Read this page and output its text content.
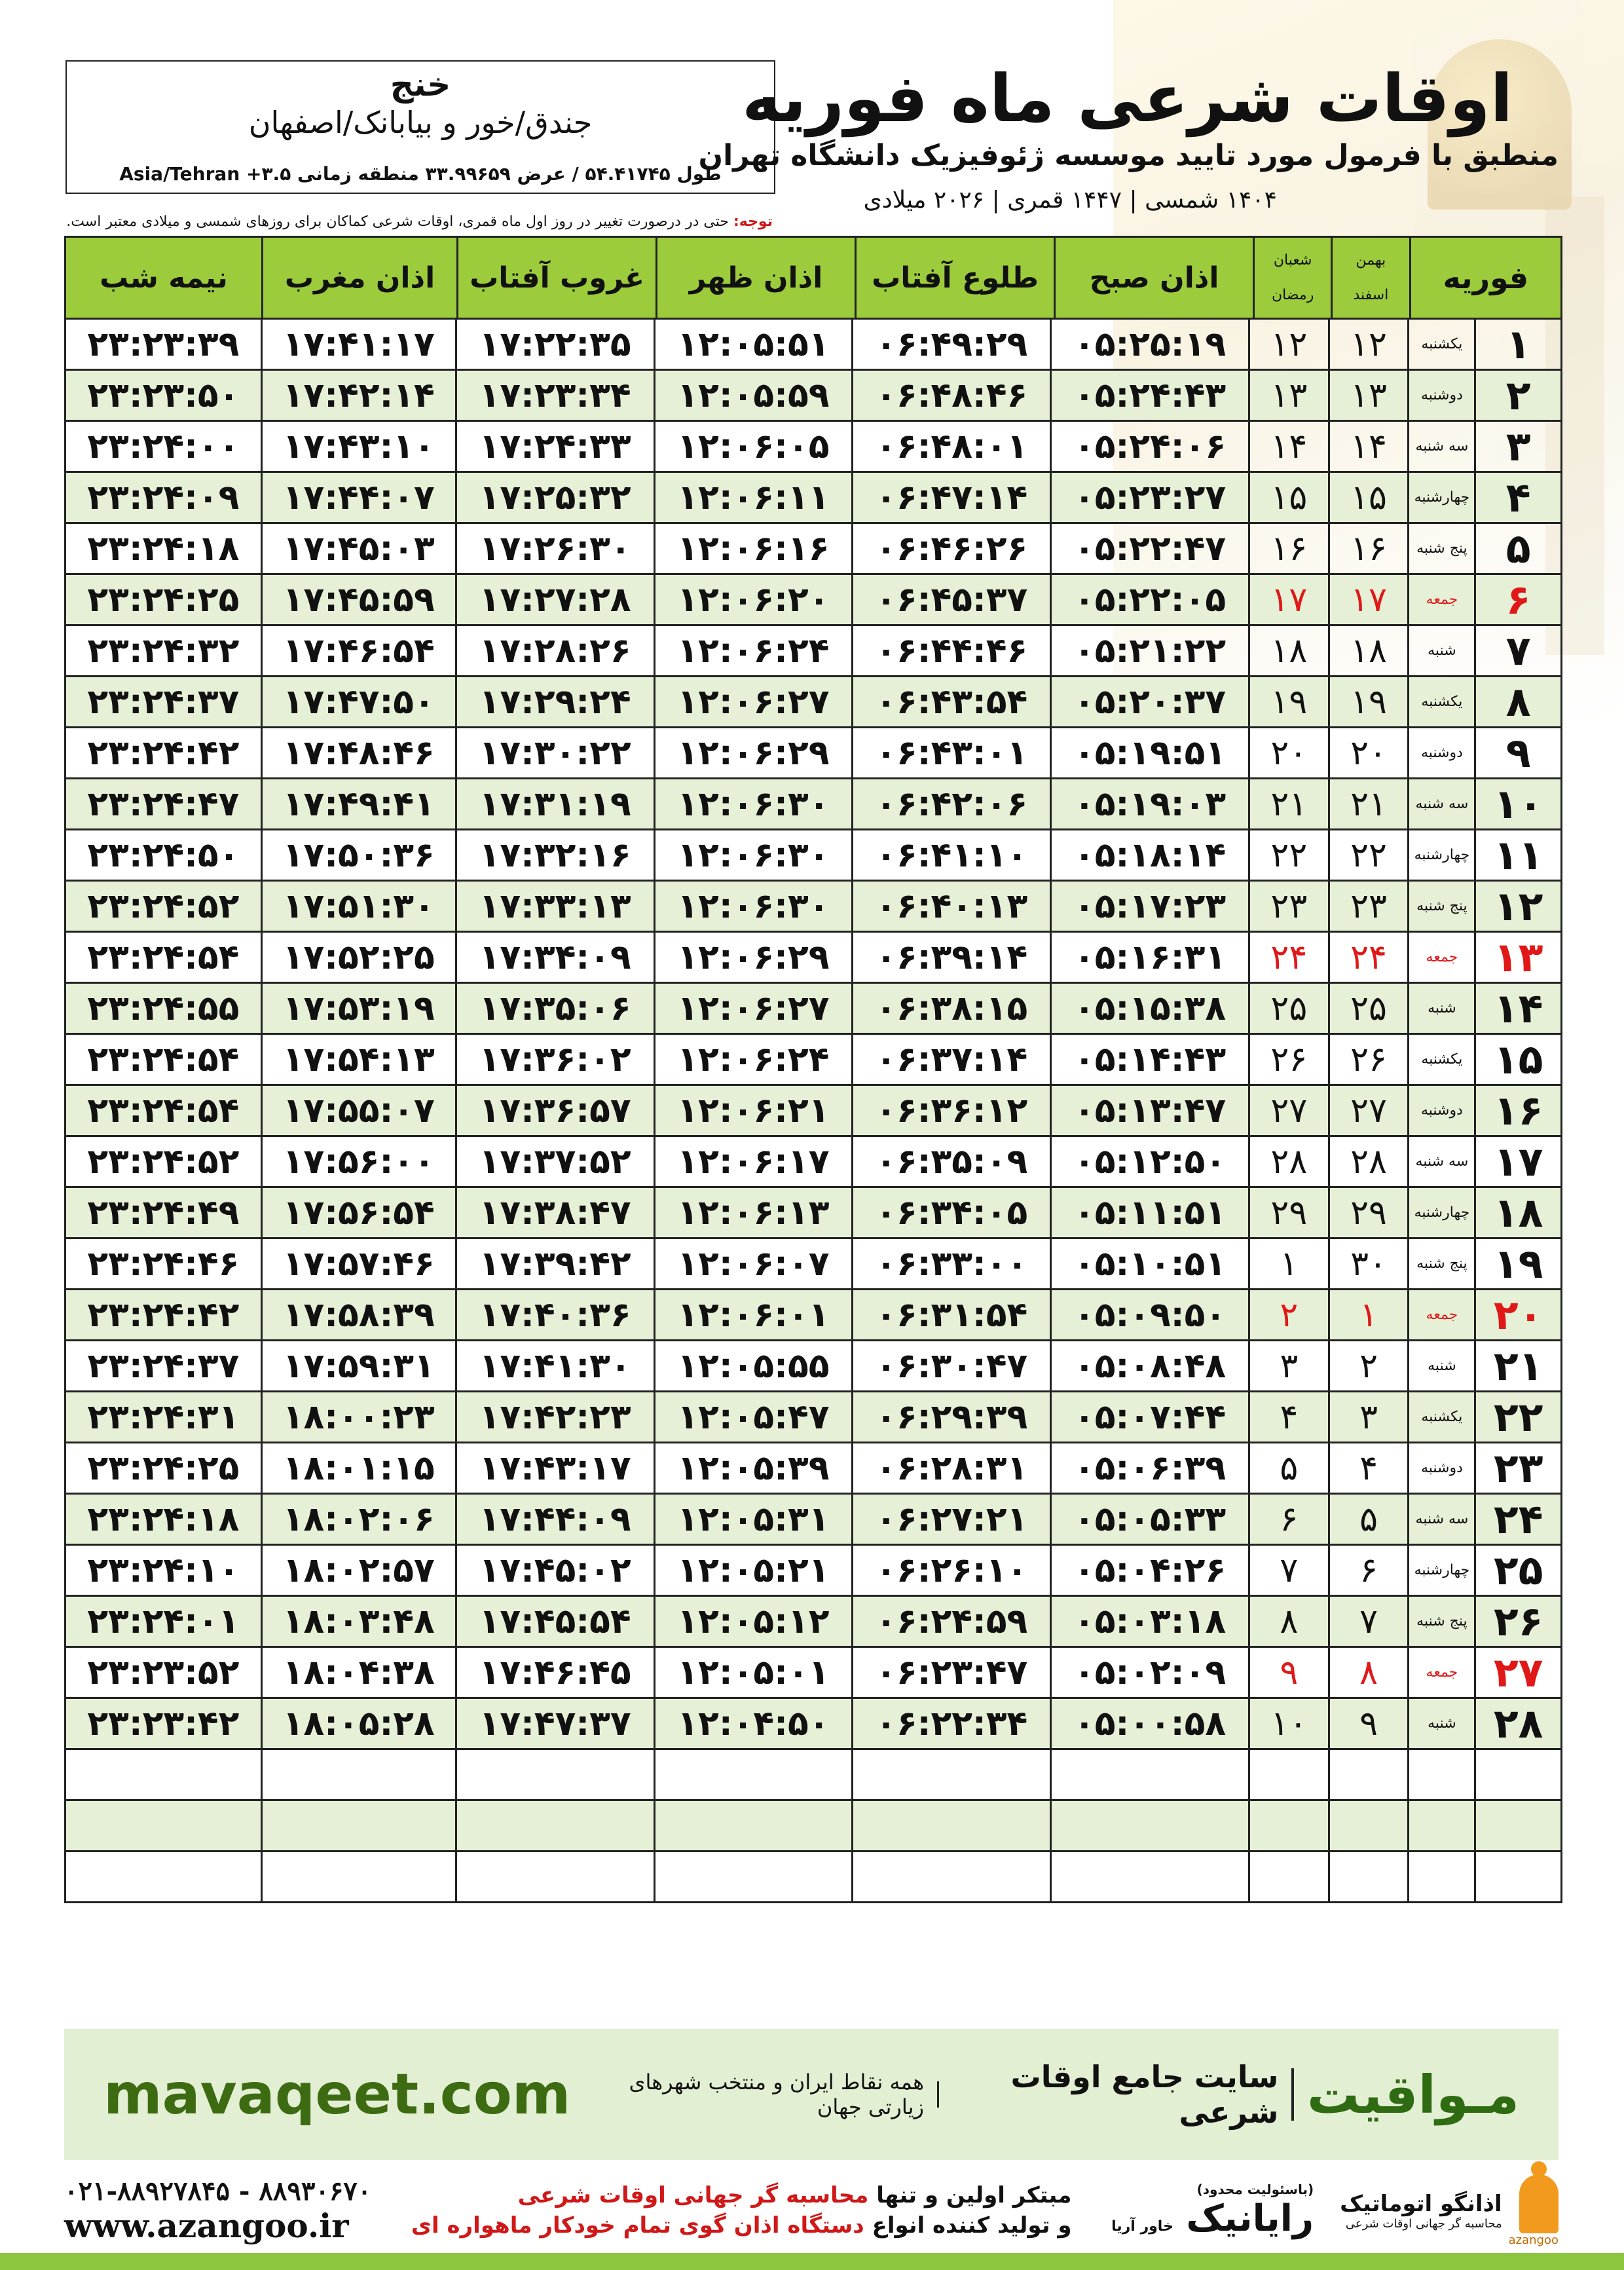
خنج
جندق/خور و بیابانک/اصفهان
طول ۵۴.۴۱۷۴۵ / عرض ۳۳.۹۹۶۵۹ منطقه زمانی ۳.۵+ Asia/Tehran
اوقات شرعی ماه فوریه
منطبق با فرمول مورد تایید موسسه ژئوفیزیک دانشگاه تهران
۱۴۰۴ شمسی | ۱۴۴۷ قمری | ۲۰۲۶ میلادی
توجه: حتی در درصورت تغییر در روز اول ماه قمری، اوقات شرعی کماکان برای روزهای شمسی و میلادی معتبر است.
فوریه
بهمن
اسفند
شعبان
رمضان
اذان صبح
طلوع آفتاب
اذان ظهر
غروب آفتاب
اذان مغرب
نیمه شب
۱
یکشنبه
۱۲
۱۲
۰۵:۲۵:۱۹
۰۶:۴۹:۲۹
۱۲:۰۵:۵۱
۱۷:۲۲:۳۵
۱۷:۴۱:۱۷
۲۳:۲۳:۳۹
۲
دوشنبه
۱۳
۱۳
۰۵:۲۴:۴۳
۰۶:۴۸:۴۶
۱۲:۰۵:۵۹
۱۷:۲۳:۳۴
۱۷:۴۲:۱۴
۲۳:۲۳:۵۰
۳
سه شنبه
۱۴
۱۴
۰۵:۲۴:۰۶
۰۶:۴۸:۰۱
۱۲:۰۶:۰۵
۱۷:۲۴:۳۳
۱۷:۴۳:۱۰
۲۳:۲۴:۰۰
۴
چهارشنبه
۱۵
۱۵
۰۵:۲۳:۲۷
۰۶:۴۷:۱۴
۱۲:۰۶:۱۱
۱۷:۲۵:۳۲
۱۷:۴۴:۰۷
۲۳:۲۴:۰۹
۵
پنج شنبه
۱۶
۱۶
۰۵:۲۲:۴۷
۰۶:۴۶:۲۶
۱۲:۰۶:۱۶
۱۷:۲۶:۳۰
۱۷:۴۵:۰۳
۲۳:۲۴:۱۸
۶
جمعه
۱۷
۱۷
۰۵:۲۲:۰۵
۰۶:۴۵:۳۷
۱۲:۰۶:۲۰
۱۷:۲۷:۲۸
۱۷:۴۵:۵۹
۲۳:۲۴:۲۵
۷
شنبه
۱۸
۱۸
۰۵:۲۱:۲۲
۰۶:۴۴:۴۶
۱۲:۰۶:۲۴
۱۷:۲۸:۲۶
۱۷:۴۶:۵۴
۲۳:۲۴:۳۲
۸
یکشنبه
۱۹
۱۹
۰۵:۲۰:۳۷
۰۶:۴۳:۵۴
۱۲:۰۶:۲۷
۱۷:۲۹:۲۴
۱۷:۴۷:۵۰
۲۳:۲۴:۳۷
۹
دوشنبه
۲۰
۲۰
۰۵:۱۹:۵۱
۰۶:۴۳:۰۱
۱۲:۰۶:۲۹
۱۷:۳۰:۲۲
۱۷:۴۸:۴۶
۲۳:۲۴:۴۲
۱۰
سه شنبه
۲۱
۲۱
۰۵:۱۹:۰۳
۰۶:۴۲:۰۶
۱۲:۰۶:۳۰
۱۷:۳۱:۱۹
۱۷:۴۹:۴۱
۲۳:۲۴:۴۷
۱۱
چهارشنبه
۲۲
۲۲
۰۵:۱۸:۱۴
۰۶:۴۱:۱۰
۱۲:۰۶:۳۰
۱۷:۳۲:۱۶
۱۷:۵۰:۳۶
۲۳:۲۴:۵۰
۱۲
پنج شنبه
۲۳
۲۳
۰۵:۱۷:۲۳
۰۶:۴۰:۱۳
۱۲:۰۶:۳۰
۱۷:۳۳:۱۳
۱۷:۵۱:۳۰
۲۳:۲۴:۵۲
۱۳
جمعه
۲۴
۲۴
۰۵:۱۶:۳۱
۰۶:۳۹:۱۴
۱۲:۰۶:۲۹
۱۷:۳۴:۰۹
۱۷:۵۲:۲۵
۲۳:۲۴:۵۴
۱۴
شنبه
۲۵
۲۵
۰۵:۱۵:۳۸
۰۶:۳۸:۱۵
۱۲:۰۶:۲۷
۱۷:۳۵:۰۶
۱۷:۵۳:۱۹
۲۳:۲۴:۵۵
۱۵
یکشنبه
۲۶
۲۶
۰۵:۱۴:۴۳
۰۶:۳۷:۱۴
۱۲:۰۶:۲۴
۱۷:۳۶:۰۲
۱۷:۵۴:۱۳
۲۳:۲۴:۵۴
۱۶
دوشنبه
۲۷
۲۷
۰۵:۱۳:۴۷
۰۶:۳۶:۱۲
۱۲:۰۶:۲۱
۱۷:۳۶:۵۷
۱۷:۵۵:۰۷
۲۳:۲۴:۵۴
۱۷
سه شنبه
۲۸
۲۸
۰۵:۱۲:۵۰
۰۶:۳۵:۰۹
۱۲:۰۶:۱۷
۱۷:۳۷:۵۲
۱۷:۵۶:۰۰
۲۳:۲۴:۵۲
۱۸
چهارشنبه
۲۹
۲۹
۰۵:۱۱:۵۱
۰۶:۳۴:۰۵
۱۲:۰۶:۱۳
۱۷:۳۸:۴۷
۱۷:۵۶:۵۴
۲۳:۲۴:۴۹
۱۹
پنج شنبه
۳۰
۱
۰۵:۱۰:۵۱
۰۶:۳۳:۰۰
۱۲:۰۶:۰۷
۱۷:۳۹:۴۲
۱۷:۵۷:۴۶
۲۳:۲۴:۴۶
۲۰
جمعه
۱
۲
۰۵:۰۹:۵۰
۰۶:۳۱:۵۴
۱۲:۰۶:۰۱
۱۷:۴۰:۳۶
۱۷:۵۸:۳۹
۲۳:۲۴:۴۲
۲۱
شنبه
۲
۳
۰۵:۰۸:۴۸
۰۶:۳۰:۴۷
۱۲:۰۵:۵۵
۱۷:۴۱:۳۰
۱۷:۵۹:۳۱
۲۳:۲۴:۳۷
۲۲
یکشنبه
۳
۴
۰۵:۰۷:۴۴
۰۶:۲۹:۳۹
۱۲:۰۵:۴۷
۱۷:۴۲:۲۳
۱۸:۰۰:۲۳
۲۳:۲۴:۳۱
۲۳
دوشنبه
۴
۵
۰۵:۰۶:۳۹
۰۶:۲۸:۳۱
۱۲:۰۵:۳۹
۱۷:۴۳:۱۷
۱۸:۰۱:۱۵
۲۳:۲۴:۲۵
۲۴
سه شنبه
۵
۶
۰۵:۰۵:۳۳
۰۶:۲۷:۲۱
۱۲:۰۵:۳۱
۱۷:۴۴:۰۹
۱۸:۰۲:۰۶
۲۳:۲۴:۱۸
۲۵
چهارشنبه
۶
۷
۰۵:۰۴:۲۶
۰۶:۲۶:۱۰
۱۲:۰۵:۲۱
۱۷:۴۵:۰۲
۱۸:۰۲:۵۷
۲۳:۲۴:۱۰
۲۶
پنج شنبه
۷
۸
۰۵:۰۳:۱۸
۰۶:۲۴:۵۹
۱۲:۰۵:۱۲
۱۷:۴۵:۵۴
۱۸:۰۳:۴۸
۲۳:۲۴:۰۱
۲۷
جمعه
۸
۹
۰۵:۰۲:۰۹
۰۶:۲۳:۴۷
۱۲:۰۵:۰۱
۱۷:۴۶:۴۵
۱۸:۰۴:۳۸
۲۳:۲۳:۵۲
۲۸
شنبه
۹
۱۰
۰۵:۰۰:۵۸
۰۶:۲۲:۳۴
۱۲:۰۴:۵۰
۱۷:۴۷:۳۷
۱۸:۰۵:۲۸
۲۳:۲۳:۴۲
mavaqeet.com	مـواقیت
سایت جامع اوقات شرعی
همه نقاط ایران و منتخب شهرهای زیارتی جهان
۰۲۱-۸۸۹۲۷۸۴۵ - ۸۸۹۳۰۶۷۰
www.azangoo.ir
مبتکر اولین و تنها محاسبه گر جهانی اوقات شرعی
و تولید کننده انواع دستگاه اذان گوی تمام خودکار ماهواره ای
azangoo
اذانگو اتوماتیک
محاسبه گر جهانی اوقات شرعی
(باسئولیت محدود)
رایانیک خاور آریا
